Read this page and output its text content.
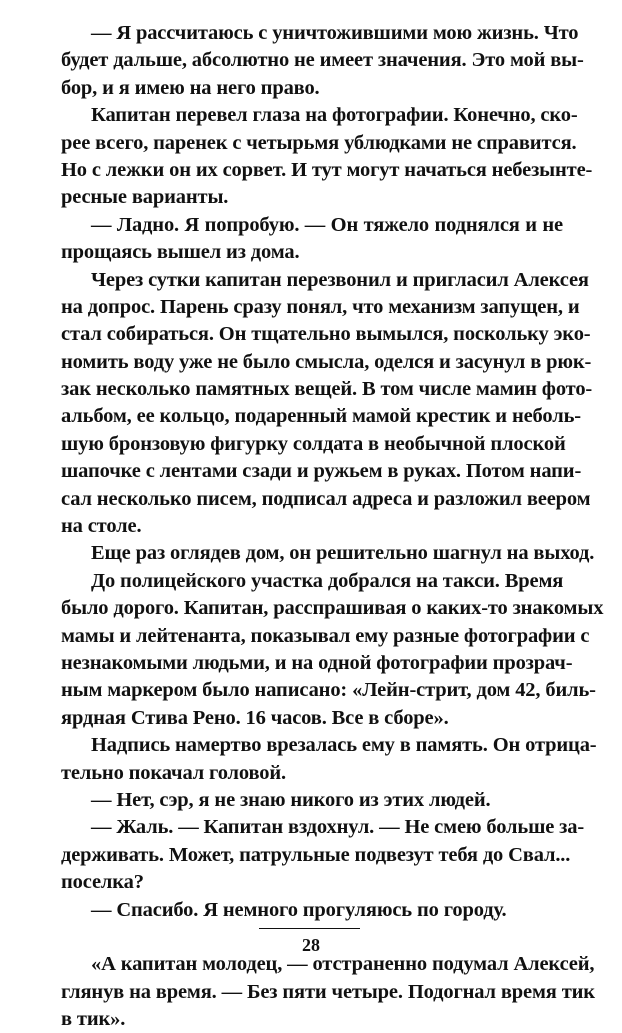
— Я рассчитаюсь с уничтожившими мою жизнь. Что
будет дальше, абсолютно не имеет значения. Это мой вы-
бор, и я имею на него право.
Капитан перевел глаза на фотографии. Конечно, ско-
рее всего, паренек с четырьмя ублюдками не справится.
Но с лежки он их сорвет. И тут могут начаться небезынте-
ресные варианты.
— Ладно. Я попробую. — Он тяжело поднялся и не
прощаясь вышел из дома.
Через сутки капитан перезвонил и пригласил Алексея
на допрос. Парень сразу понял, что механизм запущен, и
стал собираться. Он тщательно вымылся, поскольку эко-
номить воду уже не было смысла, оделся и засунул в рюк-
зак несколько памятных вещей. В том числе мамин фото-
альбом, ее кольцо, подаренный мамой крестик и неболь-
шую бронзовую фигурку солдата в необычной плоской
шапочке с лентами сзади и ружьем в руках. Потом напи-
сал несколько писем, подписал адреса и разложил веером
на столе.
Еще раз оглядев дом, он решительно шагнул на выход.
До полицейского участка добрался на такси. Время
было дорого. Капитан, расспрашивая о каких-то знакомых
мамы и лейтенанта, показывал ему разные фотографии с
незнакомыми людьми, и на одной фотографии прозрач-
ным маркером было написано: «Лейн-стрит, дом 42, биль-
ярдная Стива Рено. 16 часов. Все в сборе».
Надпись намертво врезалась ему в память. Он отрица-
тельно покачал головой.
— Нет, сэр, я не знаю никого из этих людей.
— Жаль. — Капитан вздохнул. — Не смею больше за-
держивать. Может, патрульные подвезут тебя до Свал...
поселка?
— Спасибо. Я немного прогуляюсь по городу.
«А капитан молодец, — отстраненно подумал Алексей,
глянув на время. — Без пяти четыре. Подогнал время тик
в тик».
28
